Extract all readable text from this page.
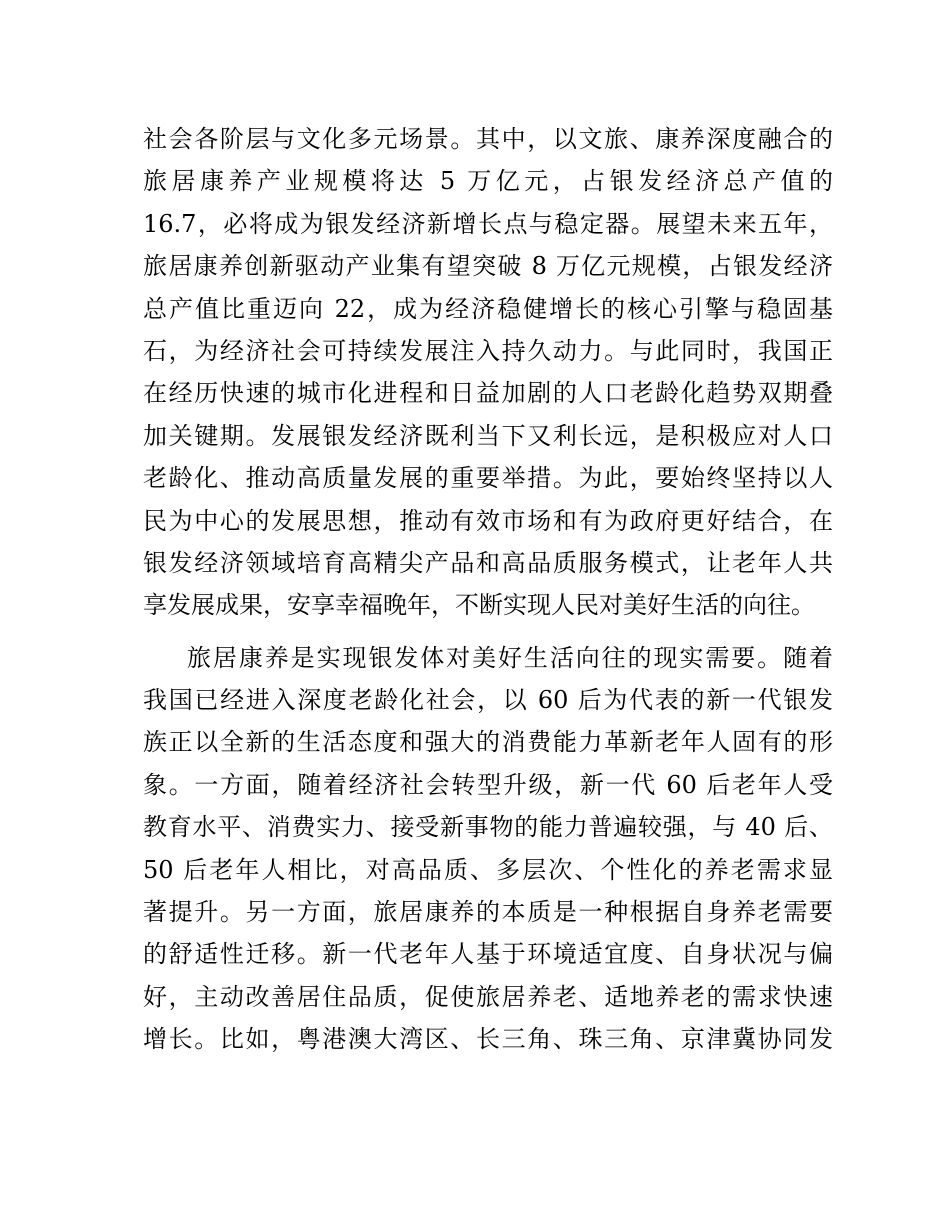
社会各阶层与文化多元场景。其中，以文旅、康养深度融合的
旅居康养产业规模将达 5 万亿元，占银发经济总产值的
16.7，必将成为银发经济新增长点与稳定器。展望未来五年，
旅居康养创新驱动产业集有望突破 8 万亿元规模，占银发经济
总产值比重迈向 22，成为经济稳健增长的核心引擎与稳固基
石，为经济社会可持续发展注入持久动力。与此同时，我国正
在经历快速的城市化进程和日益加剧的人口老龄化趋势双期叠
加关键期。发展银发经济既利当下又利长远，是积极应对人口
老龄化、推动高质量发展的重要举措。为此，要始终坚持以人
民为中心的发展思想，推动有效市场和有为政府更好结合，在
银发经济领域培育高精尖产品和高品质服务模式，让老年人共
享发展成果，安享幸福晚年，不断实现人民对美好生活的向往。
旅居康养是实现银发体对美好生活向往的现实需要。随着
我国已经进入深度老龄化社会，以 60 后为代表的新一代银发
族正以全新的生活态度和强大的消费能力革新老年人固有的形
象。一方面，随着经济社会转型升级，新一代 60 后老年人受
教育水平、消费实力、接受新事物的能力普遍较强，与 40 后、
50 后老年人相比，对高品质、多层次、个性化的养老需求显
著提升。另一方面，旅居康养的本质是一种根据自身养老需要
的舒适性迁移。新一代老年人基于环境适宜度、自身状况与偏
好，主动改善居住品质，促使旅居养老、适地养老的需求快速
增长。比如，粤港澳大湾区、长三角、珠三角、京津冀协同发
